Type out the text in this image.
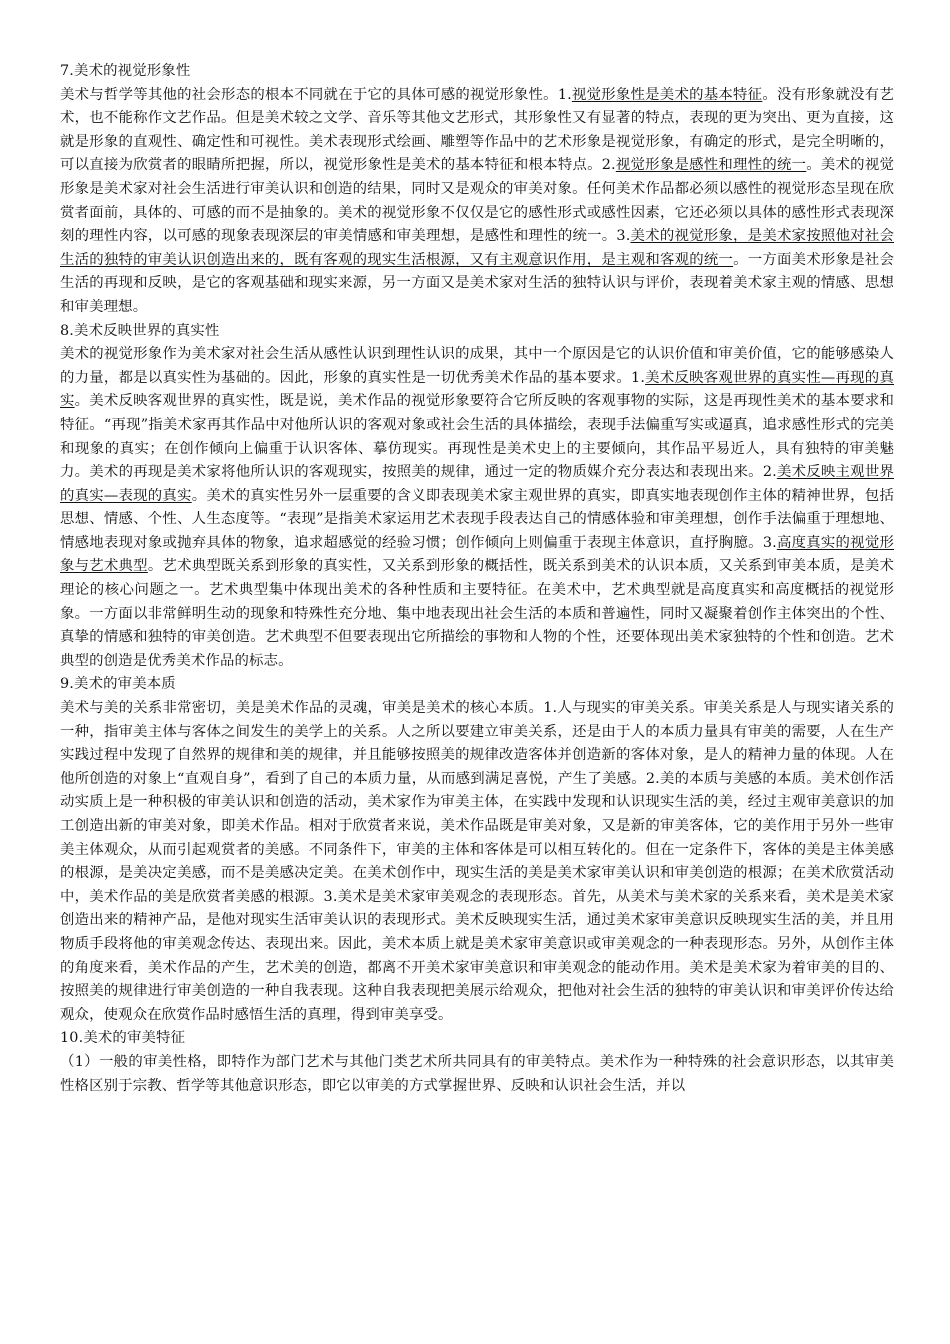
7.美术的视觉形象性

美术与哲学等其他的社会形态的根本不同就在于它的具体可感的视觉形象性。1.视觉形象性是美术的基本特征。没有形象就没有艺术，也不能称作文艺作品。但是美术较之文学、音乐等其他文艺形式，其形象性又有显著的特点，表现的更为突出、更为直接，这就是形象的直观性、确定性和可视性。美术表现形式绘画、雕塑等作品中的艺术形象是视觉形象，有确定的形式，是完全明晰的，可以直接为欣赏者的眼睛所把握，所以，视觉形象性是美术的基本特征和根本特点。2.视觉形象是感性和理性的统一。美术的视觉形象是美术家对社会生活进行审美认识和创造的结果，同时又是观众的审美对象。任何美术作品都必须以感性的视觉形态呈现在欣赏者面前，具体的、可感的而不是抽象的。美术的视觉形象不仅仅是它的感性形式或感性因素，它还必须以具体的感性形式表现深刻的理性内容，以可感的现象表现深层的审美情感和审美理想，是感性和理性的统一。3.美术的视觉形象，是美术家按照他对社会生活的独特的审美认识创造出来的，既有客观的现实生活根源，又有主观意识作用，是主观和客观的统一。一方面美术形象是社会生活的再现和反映，是它的客观基础和现实来源，另一方面又是美术家对生活的独特认识与评价，表现着美术家主观的情感、思想和审美理想。

8.美术反映世界的真实性

美术的视觉形象作为美术家对社会生活从感性认识到理性认识的成果，其中一个原因是它的认识价值和审美价值，它的能够感染人的力量，都是以真实性为基础的。因此，形象的真实性是一切优秀美术作品的基本要求。1.美术反映客观世界的真实性—再现的真实。美术反映客观世界的真实性，既是说，美术作品的视觉形象要符合它所反映的客观事物的实际，这是再现性美术的基本要求和特征。“再现”指美术家再其作品中对他所认识的客观对象或社会生活的具体描绘，表现手法偏重写实或逼真，追求感性形式的完美和现象的真实；在创作倾向上偏重于认识客体、摹仿现实。再现性是美术史上的主要倾向，其作品平易近人，具有独特的审美魅力。美术的再现是美术家将他所认识的客观现实，按照美的规律，通过一定的物质媒介充分表达和表现出来。2.美术反映主观世界的真实—表现的真实。美术的真实性另外一层重要的含义即表现美术家主观世界的真实，即真实地表现创作主体的精神世界，包括思想、情感、个性、人生态度等。“表现”是指美术家运用艺术表现手段表达自己的情感体验和审美理想，创作手法偏重于理想地、情感地表现对象或抛弃具体的物象，追求超感觉的经验习惯；创作倾向上则偏重于表现主体意识，直抒胸臆。3.高度真实的视觉形象与艺术典型。艺术典型既关系到形象的真实性，又关系到形象的概括性，既关系到美术的认识本质，又关系到审美本质，是美术理论的核心问题之一。艺术典型集中体现出美术的各种性质和主要特征。在美术中，艺术典型就是高度真实和高度概括的视觉形象。一方面以非常鲜明生动的现象和特殊性充分地、集中地表现出社会生活的本质和普遍性，同时又凝聚着创作主体突出的个性、真挚的情感和独特的审美创造。艺术典型不但要表现出它所描绘的事物和人物的个性，还要体现出美术家独特的个性和创造。艺术典型的创造是优秀美术作品的标志。

9.美术的审美本质

美术与美的关系非常密切，美是美术作品的灵魂，审美是美术的核心本质。1.人与现实的审美关系。审美关系是人与现实诸关系的一种，指审美主体与客体之间发生的美学上的关系。人之所以要建立审美关系，还是由于人的本质力量具有审美的需要，人在生产实践过程中发现了自然界的规律和美的规律，并且能够按照美的规律改造客体并创造新的客体对象，是人的精神力量的体现。人在他所创造的对象上“直观自身”，看到了自己的本质力量，从而感到满足喜悦，产生了美感。2.美的本质与美感的本质。美术创作活动实质上是一种积极的审美认识和创造的活动，美术家作为审美主体，在实践中发现和认识现实生活的美，经过主观审美意识的加工创造出新的审美对象，即美术作品。相对于欣赏者来说，美术作品既是审美对象，又是新的审美客体，它的美作用于另外一些审美主体观众，从而引起观赏者的美感。不同条件下，审美的主体和客体是可以相互转化的。但在一定条件下，客体的美是主体美感的根源，是美决定美感，而不是美感决定美。在美术创作中，现实生活的美是美术家审美认识和审美创造的根源；在美术欣赏活动中，美术作品的美是欣赏者美感的根源。3.美术是美术家审美观念的表现形态。首先，从美术与美术家的关系来看，美术是美术家创造出来的精神产品，是他对现实生活审美认识的表现形式。美术反映现实生活，通过美术家审美意识反映现实生活的美，并且用物质手段将他的审美观念传达、表现出来。因此，美术本质上就是美术家审美意识或审美观念的一种表现形态。另外，从创作主体的角度来看，美术作品的产生，艺术美的创造，都离不开美术家审美意识和审美观念的能动作用。美术是美术家为着审美的目的、按照美的规律进行审美创造的一种自我表现。这种自我表现把美展示给观众，把他对社会生活的独特的审美认识和审美评价传达给观众，使观众在欣赏作品时感悟生活的真理，得到审美享受。

10.美术的审美特征

（1）一般的审美性格，即特作为部门艺术与其他门类艺术所共同具有的审美特点。美术作为一种特殊的社会意识形态，以其审美性格区别于宗教、哲学等其他意识形态，即它以审美的方式掌握世界、反映和认识社会生活，并以
